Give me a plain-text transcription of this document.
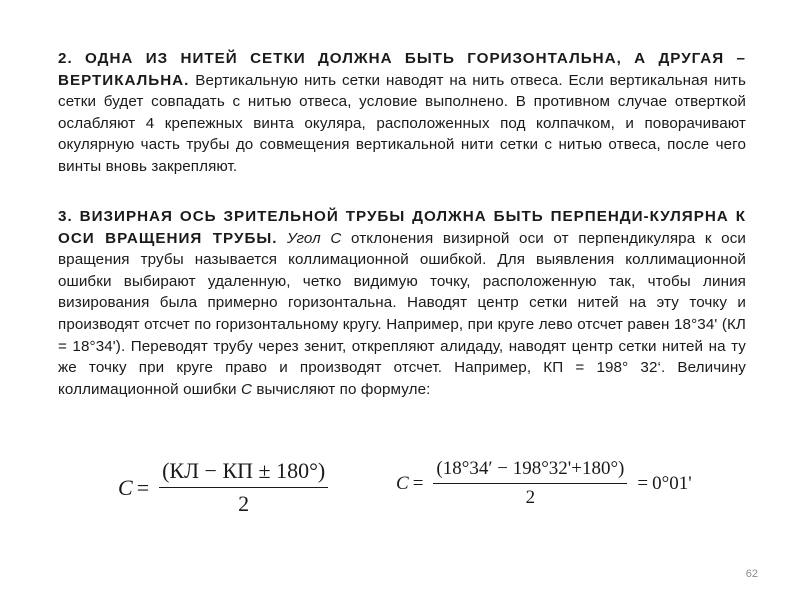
2. ОДНА ИЗ НИТЕЙ СЕТКИ ДОЛЖНА БЫТЬ ГОРИЗОНТАЛЬНА, А ДРУГАЯ – ВЕРТИКАЛЬНА. Вертикальную нить сетки наводят на нить отвеса. Если вертикальная нить сетки будет совпадать с нитью отвеса, условие выполнено. В противном случае отверткой ослабляют 4 крепежных винта окуляра, расположенных под колпачком, и поворачивают окулярную часть трубы до совмещения вертикальной нити сетки с нитью отвеса, после чего винты вновь закрепляют.
3. ВИЗИРНАЯ ОСЬ ЗРИТЕЛЬНОЙ ТРУБЫ ДОЛЖНА БЫТЬ ПЕРПЕНДИ-КУЛЯРНА К ОСИ ВРАЩЕНИЯ ТРУБЫ. Угол С отклонения визирной оси от перпендикуляра к оси вращения трубы называется коллимационной ошибкой. Для выявления коллимационной ошибки выбирают удаленную, четко видимую точку, расположенную так, чтобы линия визирования была примерно горизонтальна. Наводят центр сетки нитей на эту точку и производят отсчет по горизонтальному кругу. Например, при круге лево отсчет равен 18°34' (КЛ = 18°34'). Переводят трубу через зенит, открепляют алидаду, наводят центр сетки нитей на ту же точку при круге право и производят отсчет. Например, КП = 198° 32‘. Величину коллимационной ошибки С вычисляют по формуле:
$C = \frac{(КЛ - КП \pm 180^\circ)}{2}$	$C = \frac{\text{(18°34ʹ − 198°32'+180°)}}{2} = 0^\circ 01'$
62
